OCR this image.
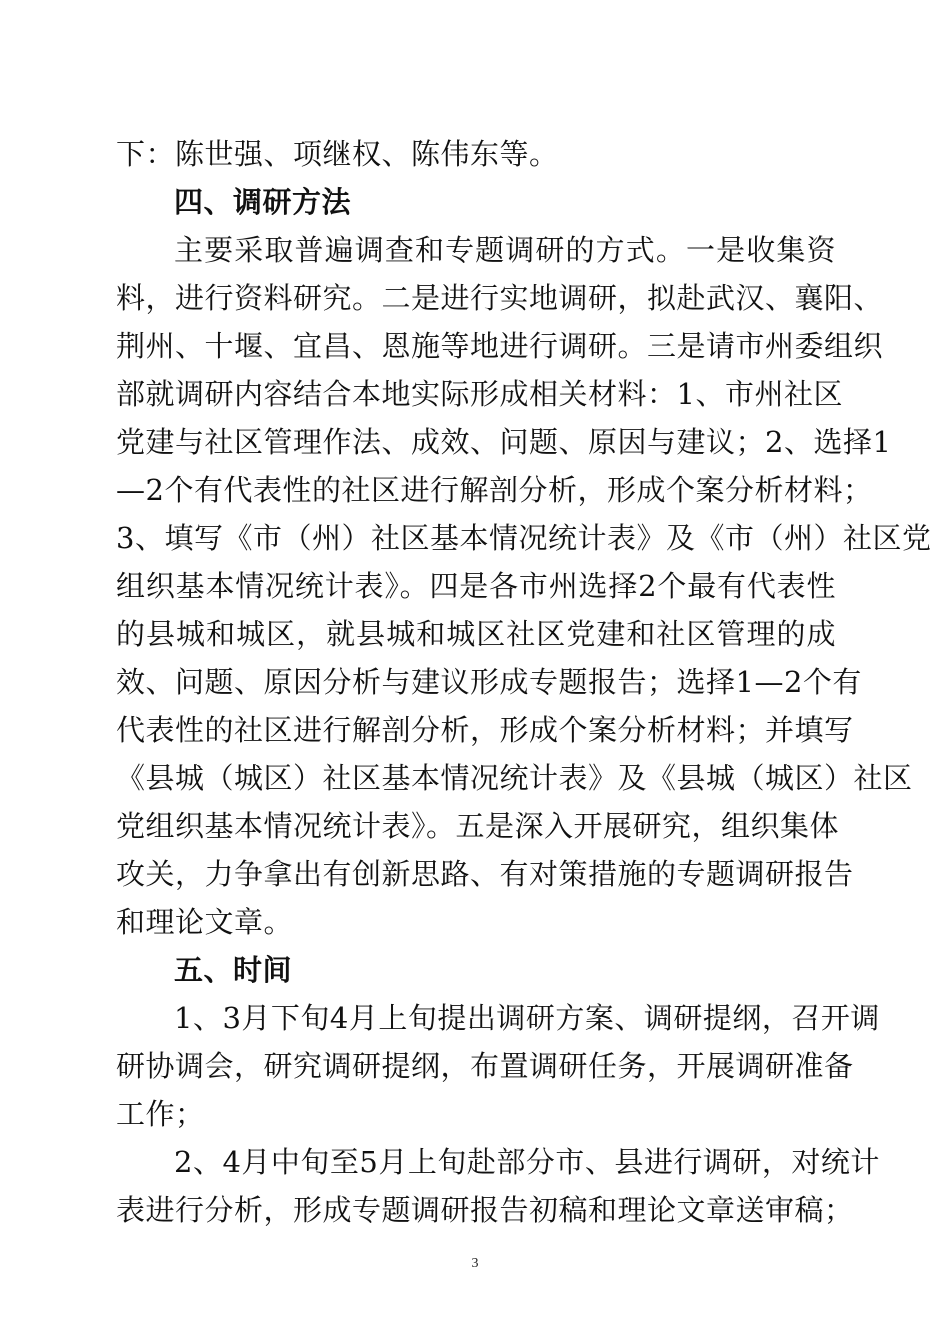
下：陈世强、项继权、陈伟东等。
四、调研方法
主要采取普遍调查和专题调研的方式。一是收集资
料，进行资料研究。二是进行实地调研，拟赴武汉、襄阳、
荆州、十堰、宜昌、恩施等地进行调研。三是请市州委组织
部就调研内容结合本地实际形成相关材料：1、市州社区
党建与社区管理作法、成效、问题、原因与建议；2、选择1
—2个有代表性的社区进行解剖分析，形成个案分析材料；
3、填写《市（州）社区基本情况统计表》及《市（州）社区党
组织基本情况统计表》。四是各市州选择2个最有代表性
的县城和城区，就县城和城区社区党建和社区管理的成
效、问题、原因分析与建议形成专题报告；选择1—2个有
代表性的社区进行解剖分析，形成个案分析材料；并填写
《县城（城区）社区基本情况统计表》及《县城（城区）社区
党组织基本情况统计表》。五是深入开展研究，组织集体
攻关，力争拿出有创新思路、有对策措施的专题调研报告
和理论文章。
五、时间
1、3月下旬4月上旬提出调研方案、调研提纲，召开调
研协调会，研究调研提纲，布置调研任务，开展调研准备
工作；
2、4月中旬至5月上旬赴部分市、县进行调研，对统计
表进行分析，形成专题调研报告初稿和理论文章送审稿；
3
